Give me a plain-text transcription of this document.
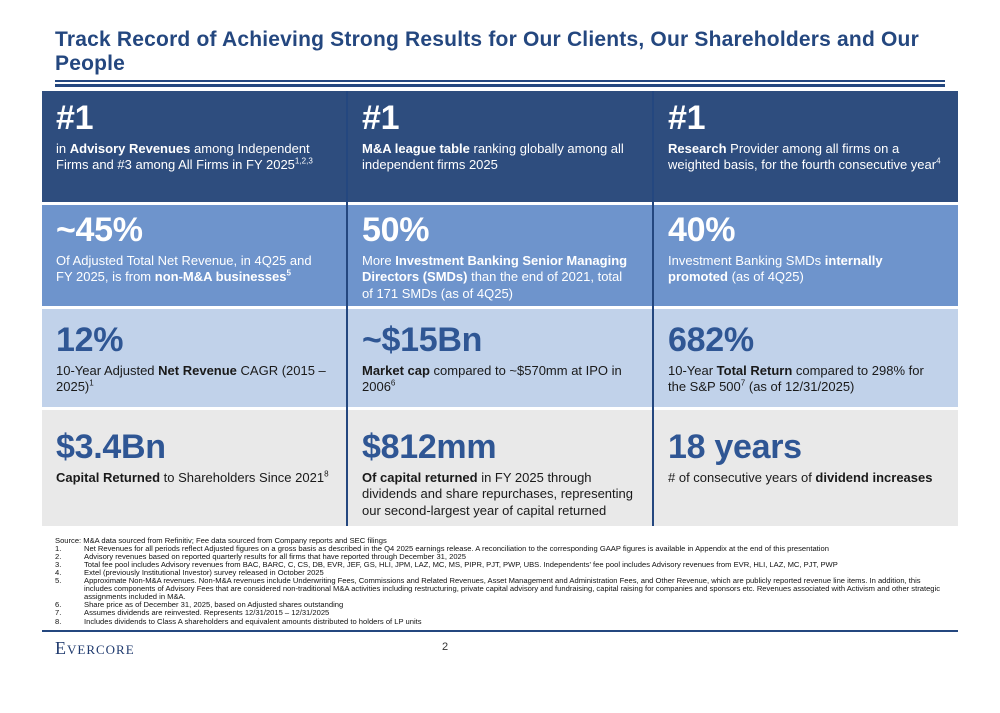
Track Record of Achieving Strong Results for Our Clients, Our Shareholders and Our People
#1
in Advisory Revenues among Independent Firms and #3 among All Firms in FY 2025$^{1,2,3}$
~45%
Of Adjusted Total Net Revenue, in 4Q25 and FY 2025, is from non-M&A businesses$^5$
12%
10-Year Adjusted Net Revenue CAGR (2015 – 2025)$^1$
$3.4Bn
Capital Returned to Shareholders Since 2021$^8$
#1
M&A league table ranking globally among all independent firms 2025
50%
More Investment Banking Senior Managing Directors (SMDs) than the end of 2021, total of 171 SMDs (as of 4Q25)
~$15Bn
Market cap compared to ~$570mm at IPO in 2006$^6$
$812mm
Of capital returned in FY 2025 through dividends and share repurchases, representing our second-largest year of capital returned
#1
Research Provider among all firms on a weighted basis, for the fourth consecutive year$^4$
40%
Investment Banking SMDs internally promoted (as of 4Q25)
682%
10-Year Total Return compared to 298% for the S&P $500^7$ (as of 12/31/2025)
18 years
# of consecutive years of dividend increases
Source: M&A data sourced from Refinitiv; Fee data sourced from Company reports and SEC filings
1.	Net Revenues for all periods reflect Adjusted figures on a gross basis as described in the Q4 2025 earnings release. A reconciliation to the corresponding GAAP figures is available in Appendix at the end of this presentation
2.	Advisory revenues based on reported quarterly results for all firms that have reported through December 31, 2025
3.	Total fee pool includes Advisory revenues from BAC, BARC, C, CS, DB, EVR, JEF, GS, HLI, JPM, LAZ, MC, MS, PIPR, PJT, PWP, UBS. Independents' fee pool includes Advisory revenues from EVR, HLI, LAZ, MC, PJT, PWP
4.	Extel (previously Institutional Investor) survey released in October 2025
5.	Approximate Non-M&A revenues. Non-M&A revenues include Underwriting Fees, Commissions and Related Revenues, Asset Management and Administration Fees, and Other Revenue, which are publicly reported revenue line items. In addition, this includes components of Advisory Fees that are considered non-traditional M&A activities including restructuring, private capital advisory and fundraising, capital raising for companies and sponsors etc. Revenues associated with Activism and other strategic assignments included in M&A.
6.	Share price as of December 31, 2025, based on Adjusted shares outstanding
7.	Assumes dividends are reinvested. Represents 12/31/2015 – 12/31/2025
8.	Includes dividends to Class A shareholders and equivalent amounts distributed to holders of LP units
Evercore	2
